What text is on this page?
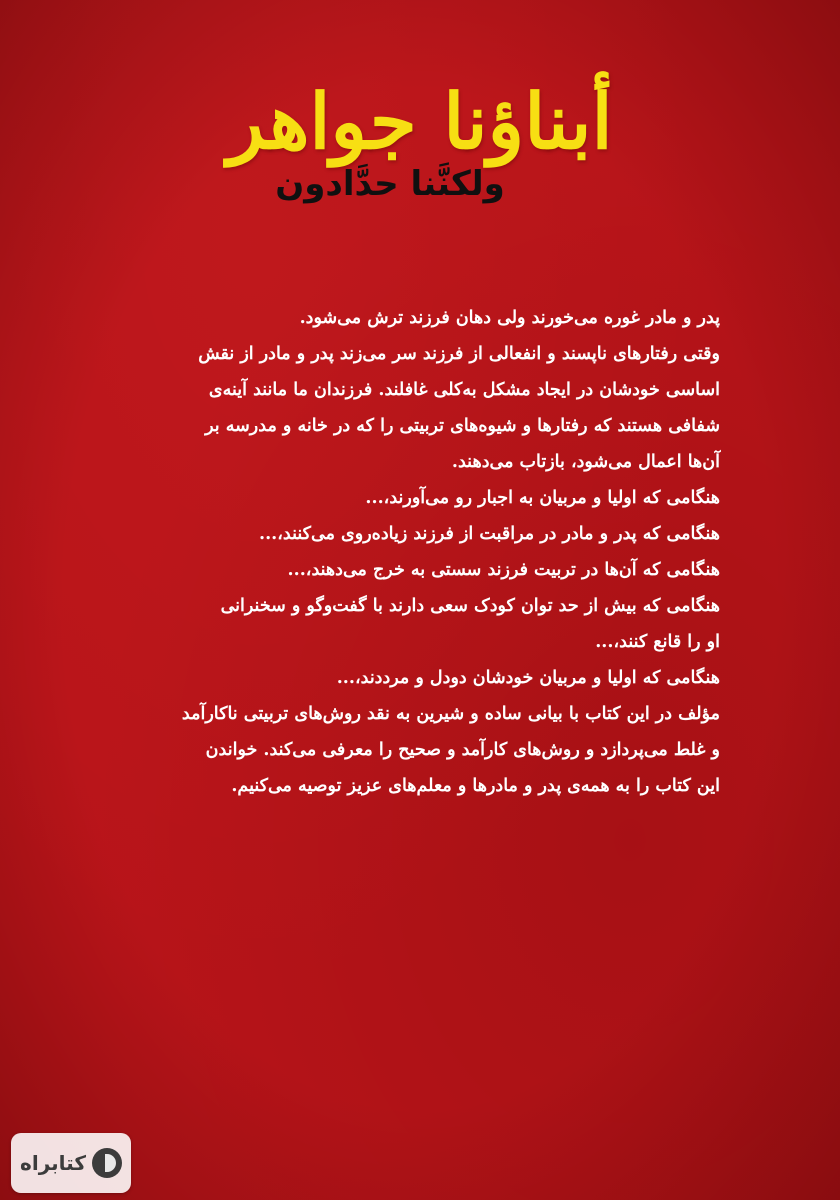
أبناؤنا جواهر
ولكنَّنا حدَّادون

پدر و مادر غوره می‌خورند ولی دهان فرزند ترش می‌شود.

وقتی رفتارهای ناپسند و انفعالی از فرزند سر می‌زند پدر و مادر از نقش

اساسی خودشان در ایجاد مشکل به‌کلی غافلند. فرزندان ما مانند آینه‌ی

شفافی هستند که رفتارها و شیوه‌های تربیتی را که در خانه و مدرسه بر

آن‌ها اعمال می‌شود، بازتاب می‌دهند.

هنگامی که اولیا و مربیان به اجبار رو می‌آورند،...

هنگامی که پدر و مادر در مراقبت از فرزند زیاده‌روی می‌کنند،...

هنگامی که آن‌ها در تربیت فرزند سستی به خرج می‌دهند،...

هنگامی که بیش از حد توان کودک سعی دارند با گفت‌وگو و سخنرانی

او را قانع کنند،...

هنگامی که اولیا و مربیان خودشان دودل و مرددند،...

مؤلف در این کتاب با بیانی ساده و شیرین به نقد روش‌های تربیتی ناکارآمد

و غلط می‌پردازد و روش‌های کارآمد و صحیح را معرفی می‌کند. خواندن

این کتاب را به همه‌ی پدر و مادرها و معلم‌های عزیز توصیه می‌کنیم.

کتابراه
